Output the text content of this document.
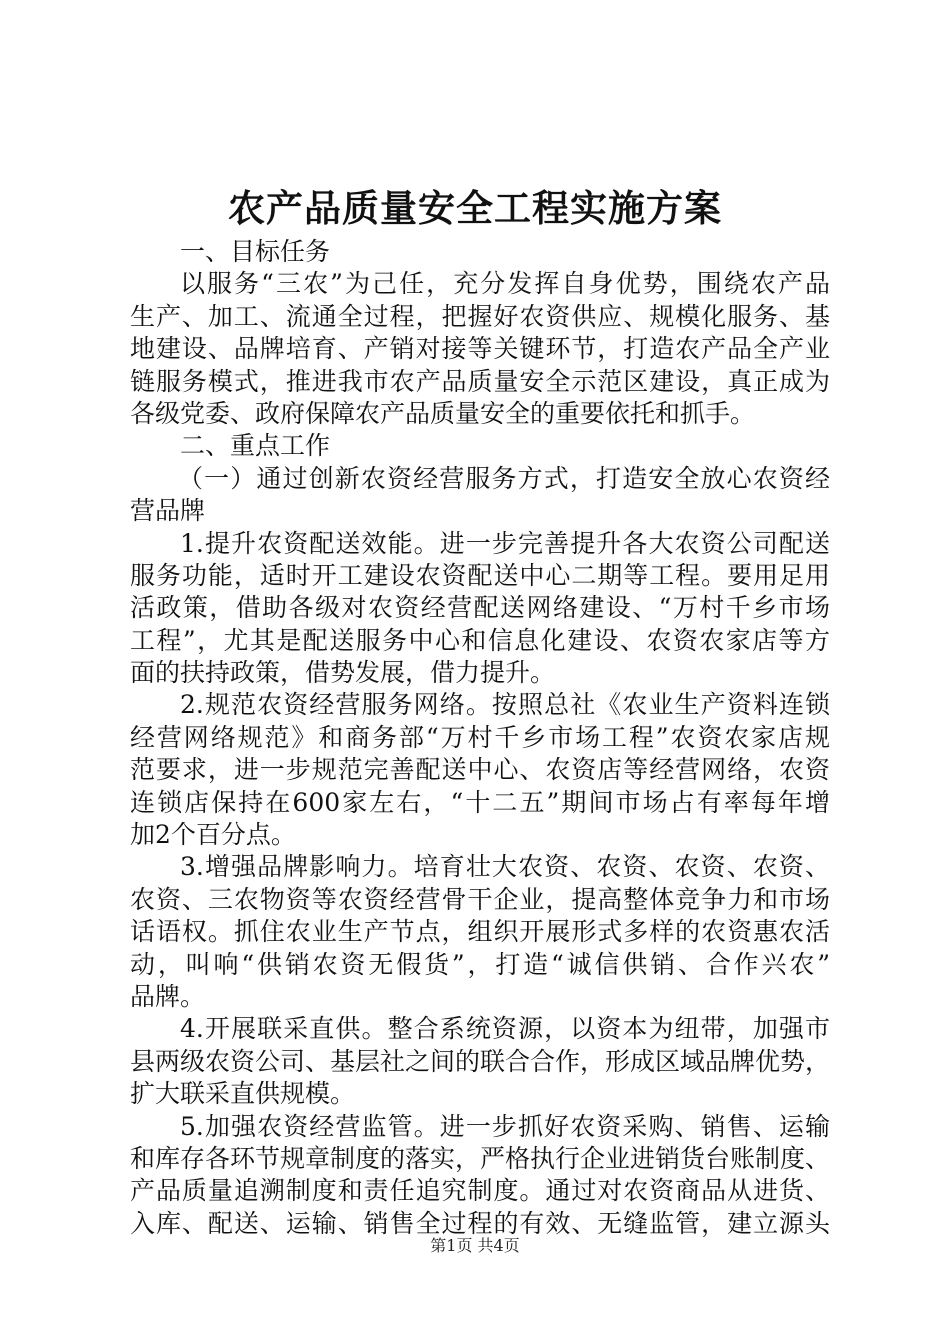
农产品质量安全工程实施方案
一、目标任务
以服务“三农”为己任，充分发挥自身优势，围绕农产品
生产、加工、流通全过程，把握好农资供应、规模化服务、基
地建设、品牌培育、产销对接等关键环节，打造农产品全产业
链服务模式，推进我市农产品质量安全示范区建设，真正成为
各级党委、政府保障农产品质量安全的重要依托和抓手。
二、重点工作
（一）通过创新农资经营服务方式，打造安全放心农资经
营品牌
1.提升农资配送效能。进一步完善提升各大农资公司配送
服务功能，适时开工建设农资配送中心二期等工程。要用足用
活政策，借助各级对农资经营配送网络建设、“万村千乡市场
工程”，尤其是配送服务中心和信息化建设、农资农家店等方
面的扶持政策，借势发展，借力提升。
2.规范农资经营服务网络。按照总社《农业生产资料连锁
经营网络规范》和商务部“万村千乡市场工程”农资农家店规
范要求，进一步规范完善配送中心、农资店等经营网络，农资
连锁店保持在600家左右，“十二五”期间市场占有率每年增
加2个百分点。
3.增强品牌影响力。培育壮大农资、农资、农资、农资、
农资、三农物资等农资经营骨干企业，提高整体竞争力和市场
话语权。抓住农业生产节点，组织开展形式多样的农资惠农活
动，叫响“供销农资无假货”，打造“诚信供销、合作兴农”
品牌。
4.开展联采直供。整合系统资源，以资本为纽带，加强市
县两级农资公司、基层社之间的联合合作，形成区域品牌优势，
扩大联采直供规模。
5.加强农资经营监管。进一步抓好农资采购、销售、运输
和库存各环节规章制度的落实，严格执行企业进销货台账制度、
产品质量追溯制度和责任追究制度。通过对农资商品从进货、
入库、配送、运输、销售全过程的有效、无缝监管，建立源头
第1页 共4页
